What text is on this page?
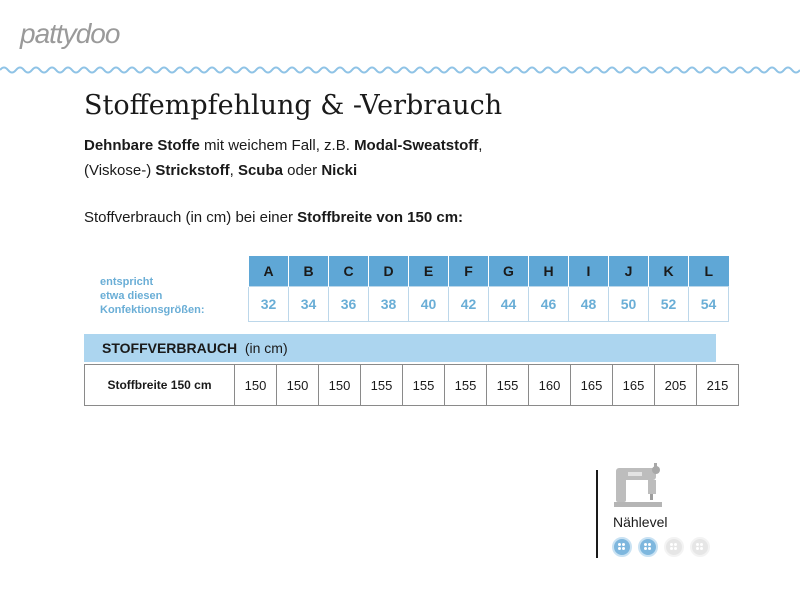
pattydoo
Stoffempfehlung & -Verbrauch
Dehnbare Stoffe mit weichem Fall, z.B. Modal-Sweatstoff,
(Viskose-) Strickstoff, Scuba oder Nicki
Stoffverbrauch (in cm) bei einer Stoffbreite von 150 cm:
entspricht
etwa diesen
Konfektionsgrößen:	A	B	C	D	E	F	G	H	I	J	K	L
	32	34	36	38	40	42	44	46	48	50	52	54
STOFFVERBRAUCH (in cm)
Stoffbreite 150 cm	150	150	150	155	155	155	155	160	165	165	205	215
Nählevel
